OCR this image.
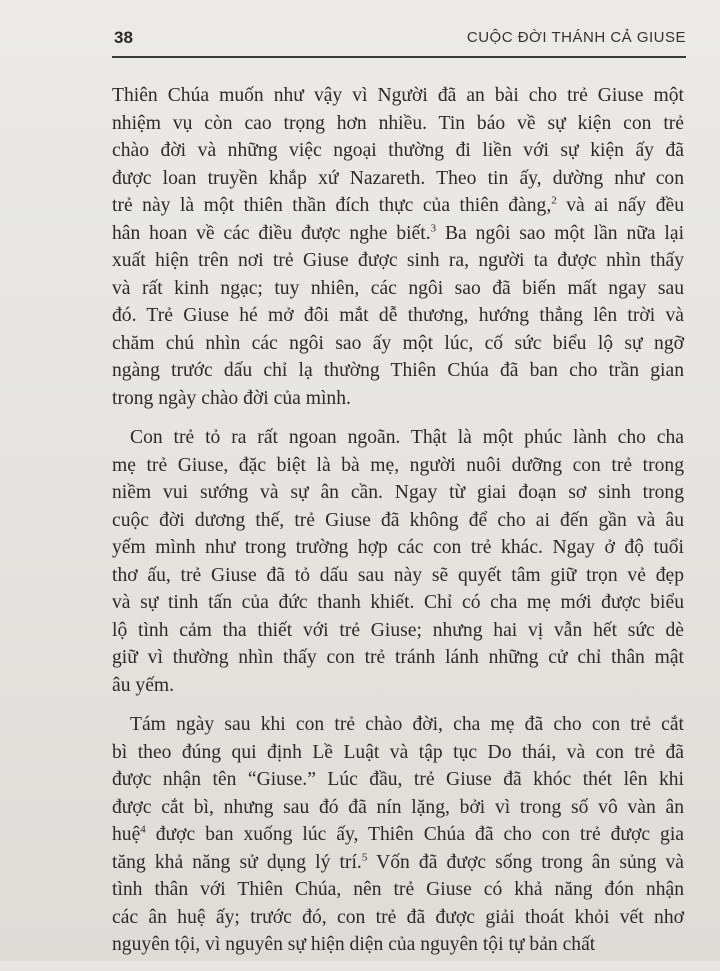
38	CUỘC ĐỜI THÁNH CẢ GIUSE

Thiên Chúa muốn như vậy vì Người đã an bài cho trẻ Giuse một
nhiệm vụ còn cao trọng hơn nhiều. Tin báo về sự kiện con trẻ
chào đời và những việc ngoại thường đi liền với sự kiện ấy đã
được loan truyền khắp xứ Nazareth. Theo tin ấy, dường như con
trẻ này là một thiên thần đích thực của thiên đàng,$^2$ và ai nấy đều
hân hoan về các điều được nghe biết.$^3$ Ba ngôi sao một lần nữa lại
xuất hiện trên nơi trẻ Giuse được sinh ra, người ta được nhìn thấy
và rất kinh ngạc; tuy nhiên, các ngôi sao đã biến mất ngay sau
đó. Trẻ Giuse hé mở đôi mắt dễ thương, hướng thẳng lên trời và
chăm chú nhìn các ngôi sao ấy một lúc, cố sức biểu lộ sự ngỡ
ngàng trước dấu chỉ lạ thường Thiên Chúa đã ban cho trần gian
trong ngày chào đời của mình.

Con trẻ tỏ ra rất ngoan ngoãn. Thật là một phúc lành cho cha
mẹ trẻ Giuse, đặc biệt là bà mẹ, người nuôi dưỡng con trẻ trong
niềm vui sướng và sự ân cần. Ngay từ giai đoạn sơ sinh trong
cuộc đời dương thế, trẻ Giuse đã không để cho ai đến gần và âu
yếm mình như trong trường hợp các con trẻ khác. Ngay ở độ tuổi
thơ ấu, trẻ Giuse đã tỏ dấu sau này sẽ quyết tâm giữ trọn vẻ đẹp
và sự tinh tấn của đức thanh khiết. Chỉ có cha mẹ mới được biểu
lộ tình cảm tha thiết với trẻ Giuse; nhưng hai vị vẫn hết sức dè
giữ vì thường nhìn thấy con trẻ tránh lánh những cử chỉ thân mật
âu yếm.

Tám ngày sau khi con trẻ chào đời, cha mẹ đã cho con trẻ cắt
bì theo đúng qui định Lề Luật và tập tục Do thái, và con trẻ đã
được nhận tên “Giuse.” Lúc đầu, trẻ Giuse đã khóc thét lên khi
được cắt bì, nhưng sau đó đã nín lặng, bởi vì trong số vô vàn ân
huệ$^4$ được ban xuống lúc ấy, Thiên Chúa đã cho con trẻ được gia
tăng khả năng sử dụng lý trí.$^5$ Vốn đã được sống trong ân sủng và
tình thân với Thiên Chúa, nên trẻ Giuse có khả năng đón nhận
các ân huệ ấy; trước đó, con trẻ đã được giải thoát khỏi vết nhơ
nguyên tội, vì nguyên sự hiện diện của nguyên tội tự bản chất
